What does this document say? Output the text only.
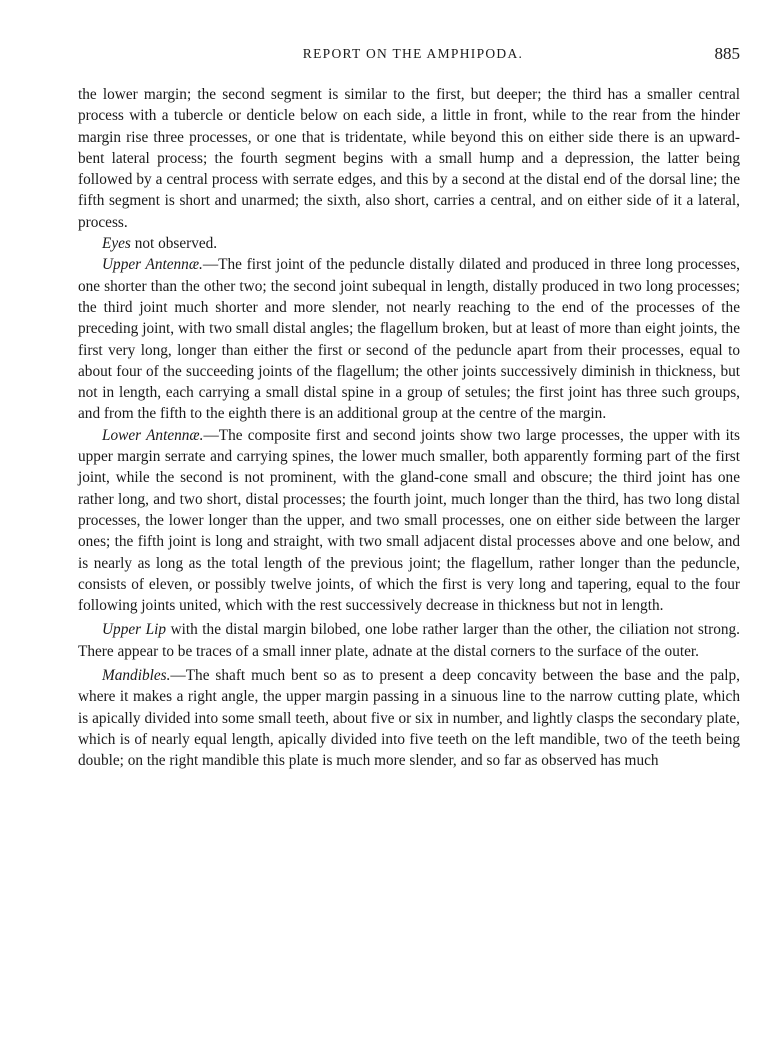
REPORT ON THE AMPHIPODA.	885

the lower margin; the second segment is similar to the first, but deeper; the third has a smaller central process with a tubercle or denticle below on each side, a little in front, while to the rear from the hinder margin rise three processes, or one that is tridentate, while beyond this on either side there is an upward-bent lateral process; the fourth segment begins with a small hump and a depression, the latter being followed by a central process with serrate edges, and this by a second at the distal end of the dorsal line; the fifth segment is short and unarmed; the sixth, also short, carries a central, and on either side of it a lateral, process.

Eyes not observed.

Upper Antennæ.—The first joint of the peduncle distally dilated and produced in three long processes, one shorter than the other two; the second joint subequal in length, distally produced in two long processes; the third joint much shorter and more slender, not nearly reaching to the end of the processes of the preceding joint, with two small distal angles; the flagellum broken, but at least of more than eight joints, the first very long, longer than either the first or second of the peduncle apart from their processes, equal to about four of the succeeding joints of the flagellum; the other joints successively diminish in thickness, but not in length, each carrying a small distal spine in a group of setules; the first joint has three such groups, and from the fifth to the eighth there is an additional group at the centre of the margin.

Lower Antennæ.—The composite first and second joints show two large processes, the upper with its upper margin serrate and carrying spines, the lower much smaller, both apparently forming part of the first joint, while the second is not prominent, with the gland-cone small and obscure; the third joint has one rather long, and two short, distal processes; the fourth joint, much longer than the third, has two long distal processes, the lower longer than the upper, and two small processes, one on either side between the larger ones; the fifth joint is long and straight, with two small adjacent distal processes above and one below, and is nearly as long as the total length of the previous joint; the flagellum, rather longer than the peduncle, consists of eleven, or possibly twelve joints, of which the first is very long and tapering, equal to the four following joints united, which with the rest successively decrease in thickness but not in length.

Upper Lip with the distal margin bilobed, one lobe rather larger than the other, the ciliation not strong. There appear to be traces of a small inner plate, adnate at the distal corners to the surface of the outer.

Mandibles.—The shaft much bent so as to present a deep concavity between the base and the palp, where it makes a right angle, the upper margin passing in a sinuous line to the narrow cutting plate, which is apically divided into some small teeth, about five or six in number, and lightly clasps the secondary plate, which is of nearly equal length, apically divided into five teeth on the left mandible, two of the teeth being double; on the right mandible this plate is much more slender, and so far as observed has much
